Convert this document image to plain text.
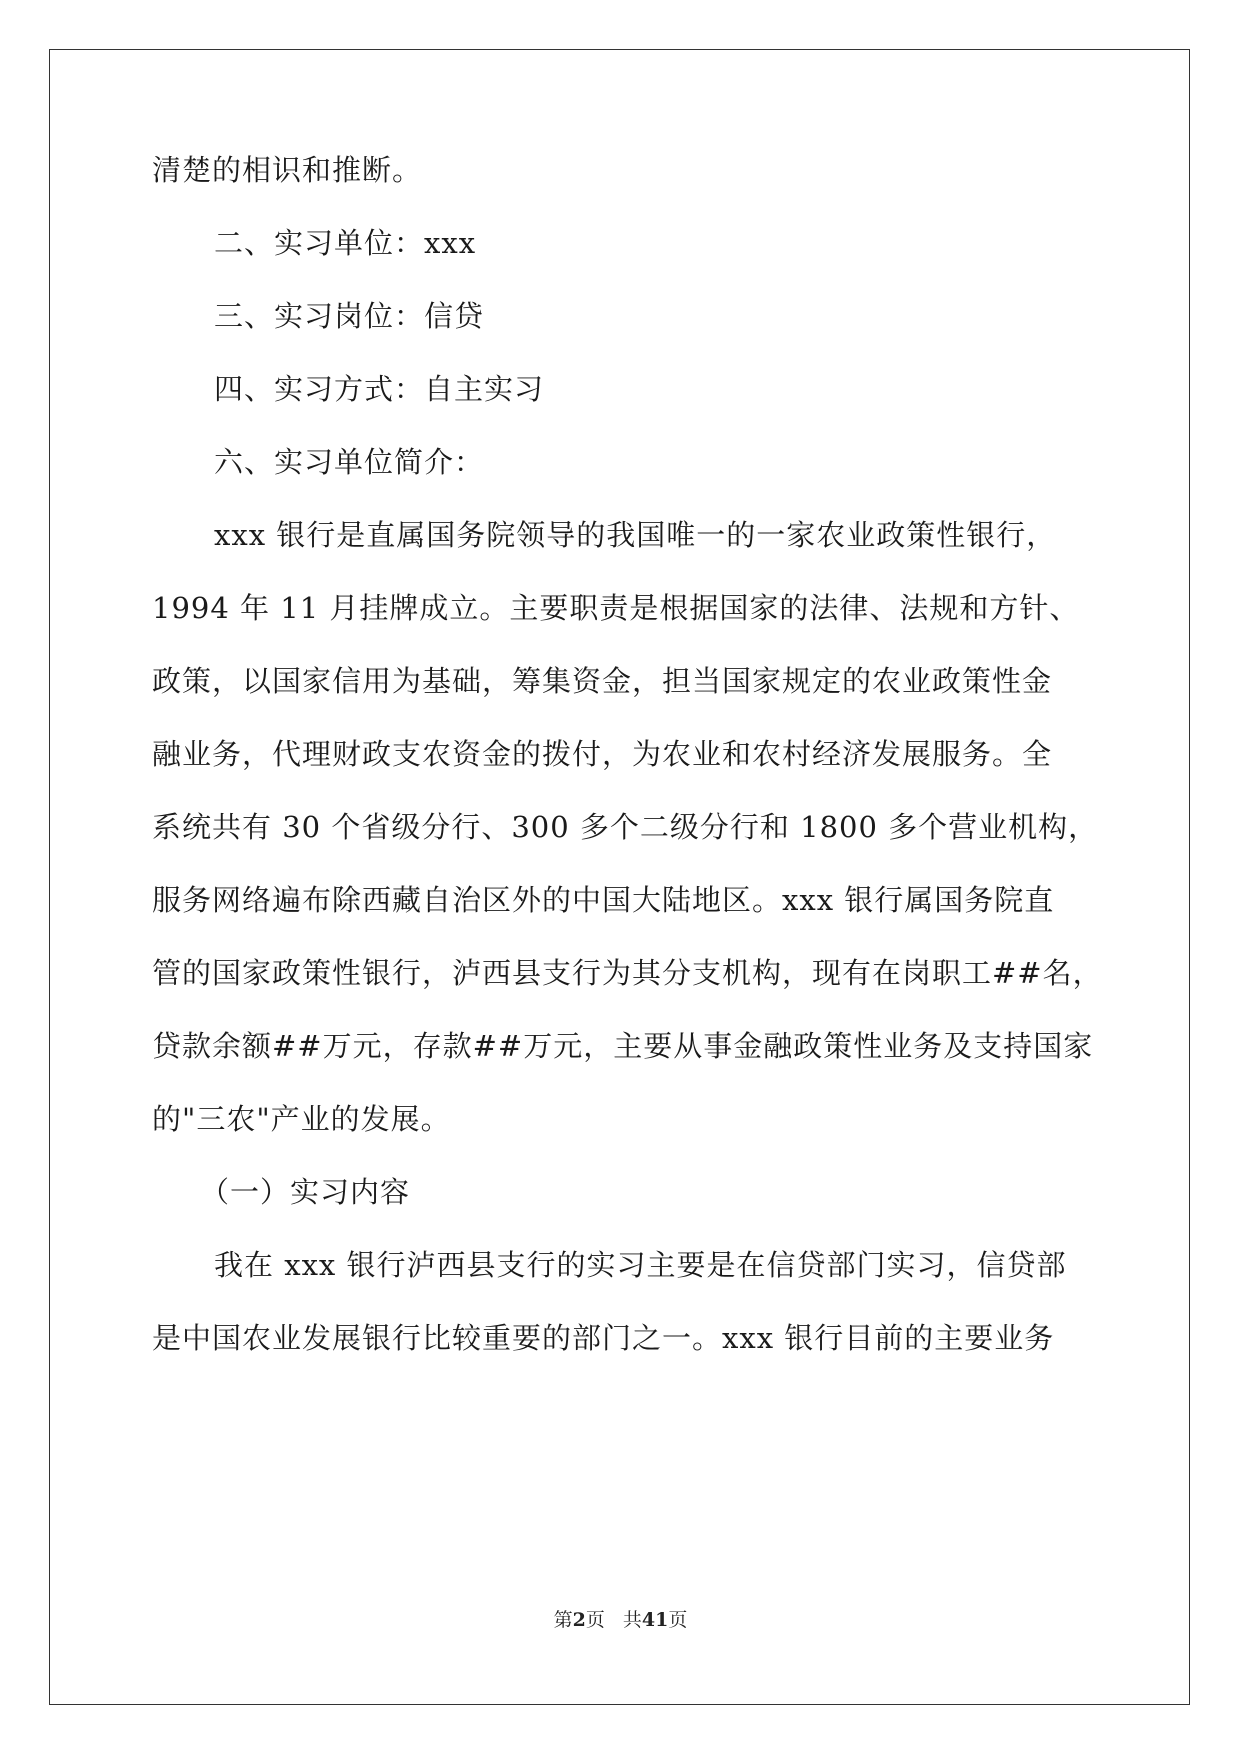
清楚的相识和推断。
二、实习单位：xxx
三、实习岗位：信贷
四、实习方式：自主实习
六、实习单位简介：
xxx 银行是直属国务院领导的我国唯一的一家农业政策性银行，
1994 年 11 月挂牌成立。主要职责是根据国家的法律、法规和方针、
政策，以国家信用为基础，筹集资金，担当国家规定的农业政策性金
融业务，代理财政支农资金的拨付，为农业和农村经济发展服务。全
系统共有 30 个省级分行、300 多个二级分行和 1800 多个营业机构，
服务网络遍布除西藏自治区外的中国大陆地区。xxx 银行属国务院直
管的国家政策性银行，泸西县支行为其分支机构，现有在岗职工##名，
贷款余额##万元，存款##万元，主要从事金融政策性业务及支持国家
的"三农"产业的发展。
（一）实习内容
我在 xxx 银行泸西县支行的实习主要是在信贷部门实习，信贷部
是中国农业发展银行比较重要的部门之一。xxx 银行目前的主要业务
第2页 共41页
